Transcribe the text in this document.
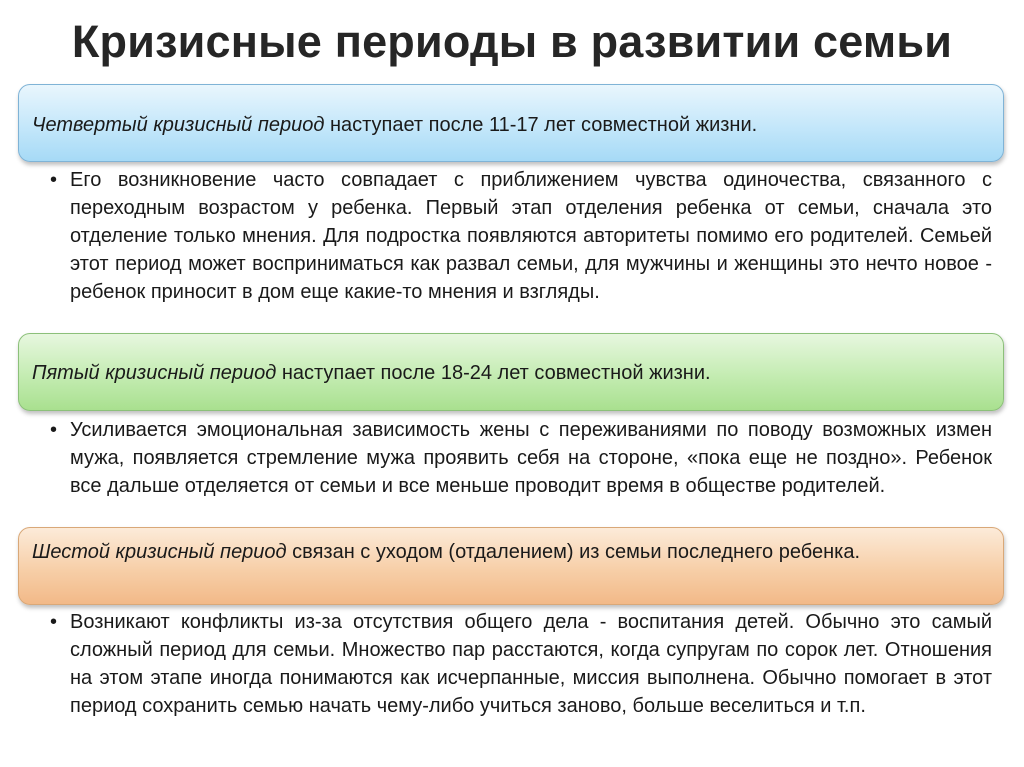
Кризисные периоды в развитии семьи
Четвертый кризисный период наступает после 11-17 лет совместной жизни.
• Его возникновение часто совпадает с приближением чувства одиночества, связанного с переходным возрастом у ребенка. Первый этап отделения ребенка от семьи, сначала это отделение только мнения. Для подростка появляются авторитеты помимо его родителей. Семьей этот период может восприниматься как развал семьи, для мужчины и женщины это нечто новое - ребенок приносит в дом еще какие-то мнения и взгляды.
Пятый кризисный период наступает после 18-24 лет совместной жизни.
• Усиливается эмоциональная зависимость жены с переживаниями по поводу возможных измен мужа, появляется стремление мужа проявить себя на стороне, «пока еще не поздно». Ребенок все дальше отделяется от семьи и все меньше проводит время в обществе родителей.
Шестой кризисный период связан с уходом (отдалением) из семьи последнего ребенка.
• Возникают конфликты из-за отсутствия общего дела - воспитания детей. Обычно это самый сложный период для семьи. Множество пар расстаются, когда супругам по сорок лет. Отношения на этом этапе иногда понимаются как исчерпанные, миссия выполнена. Обычно помогает в этот период сохранить семью начать чему-либо учиться заново, больше веселиться и т.п.
